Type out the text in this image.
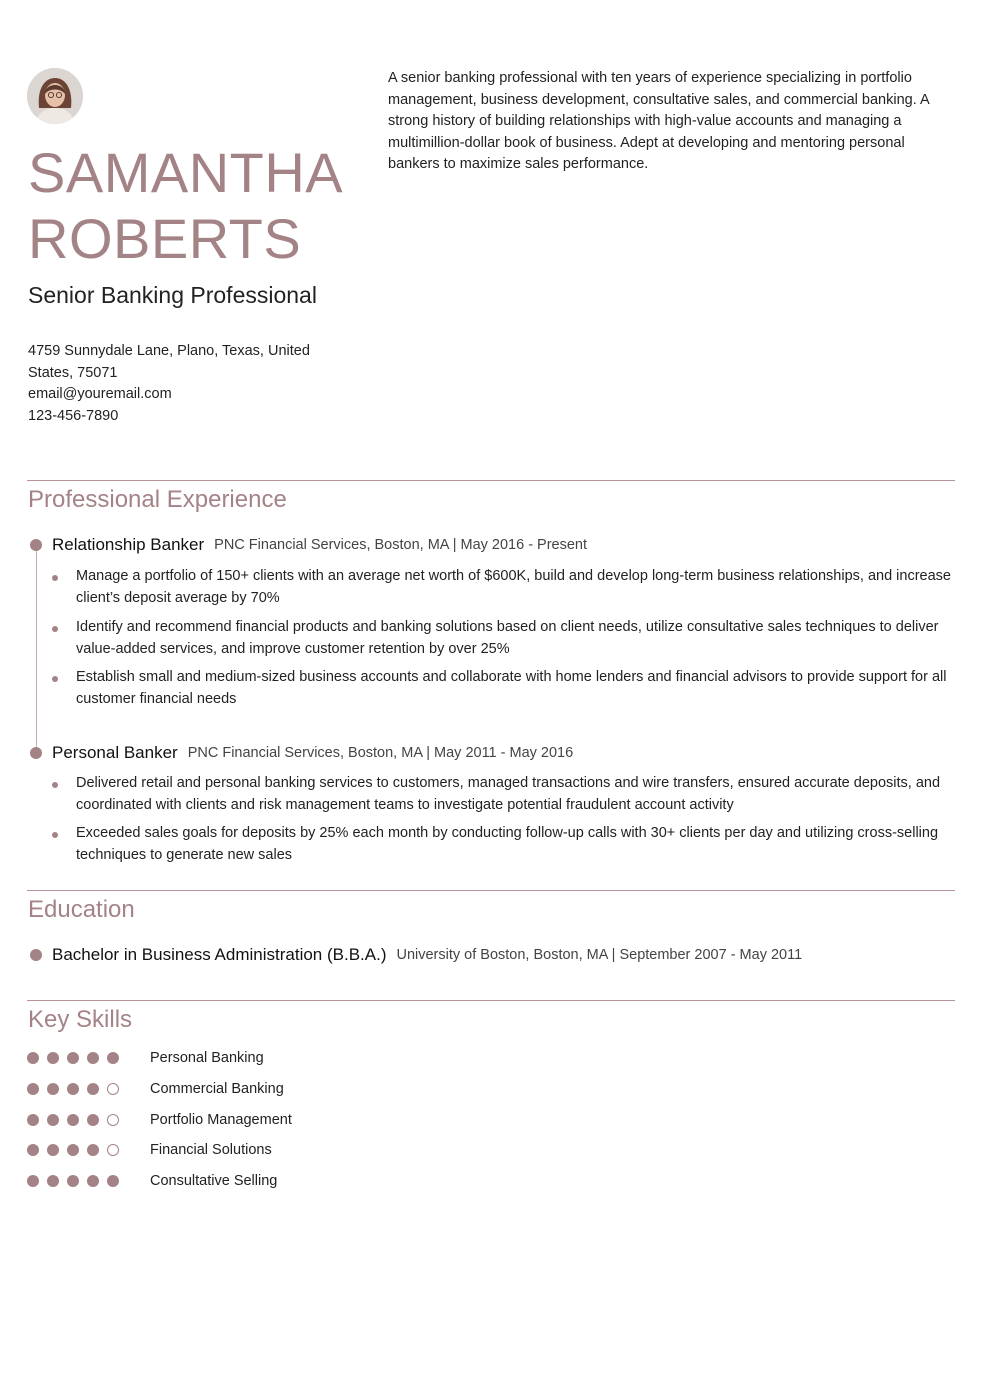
SAMANTHA ROBERTS
Senior Banking Professional
4759 Sunnydale Lane, Plano, Texas, United States, 75071
email@youremail.com
123-456-7890
A senior banking professional with ten years of experience specializing in portfolio management, business development, consultative sales, and commercial banking. A strong history of building relationships with high-value accounts and managing a multimillion-dollar book of business. Adept at developing and mentoring personal bankers to maximize sales performance.
Professional Experience
Relationship Banker PNC Financial Services, Boston, MA | May 2016 - Present
Manage a portfolio of 150+ clients with an average net worth of $600K, build and develop long-term business relationships, and increase client’s deposit average by 70%
Identify and recommend financial products and banking solutions based on client needs, utilize consultative sales techniques to deliver value-added services, and improve customer retention by over 25%
Establish small and medium-sized business accounts and collaborate with home lenders and financial advisors to provide support for all customer financial needs
Personal Banker PNC Financial Services, Boston, MA | May 2011 - May 2016
Delivered retail and personal banking services to customers, managed transactions and wire transfers, ensured accurate deposits, and coordinated with clients and risk management teams to investigate potential fraudulent account activity
Exceeded sales goals for deposits by 25% each month by conducting follow-up calls with 30+ clients per day and utilizing cross-selling techniques to generate new sales
Education
Bachelor in Business Administration (B.B.A.) University of Boston, Boston, MA | September 2007 - May 2011
Key Skills
Personal Banking
Commercial Banking
Portfolio Management
Financial Solutions
Consultative Selling
